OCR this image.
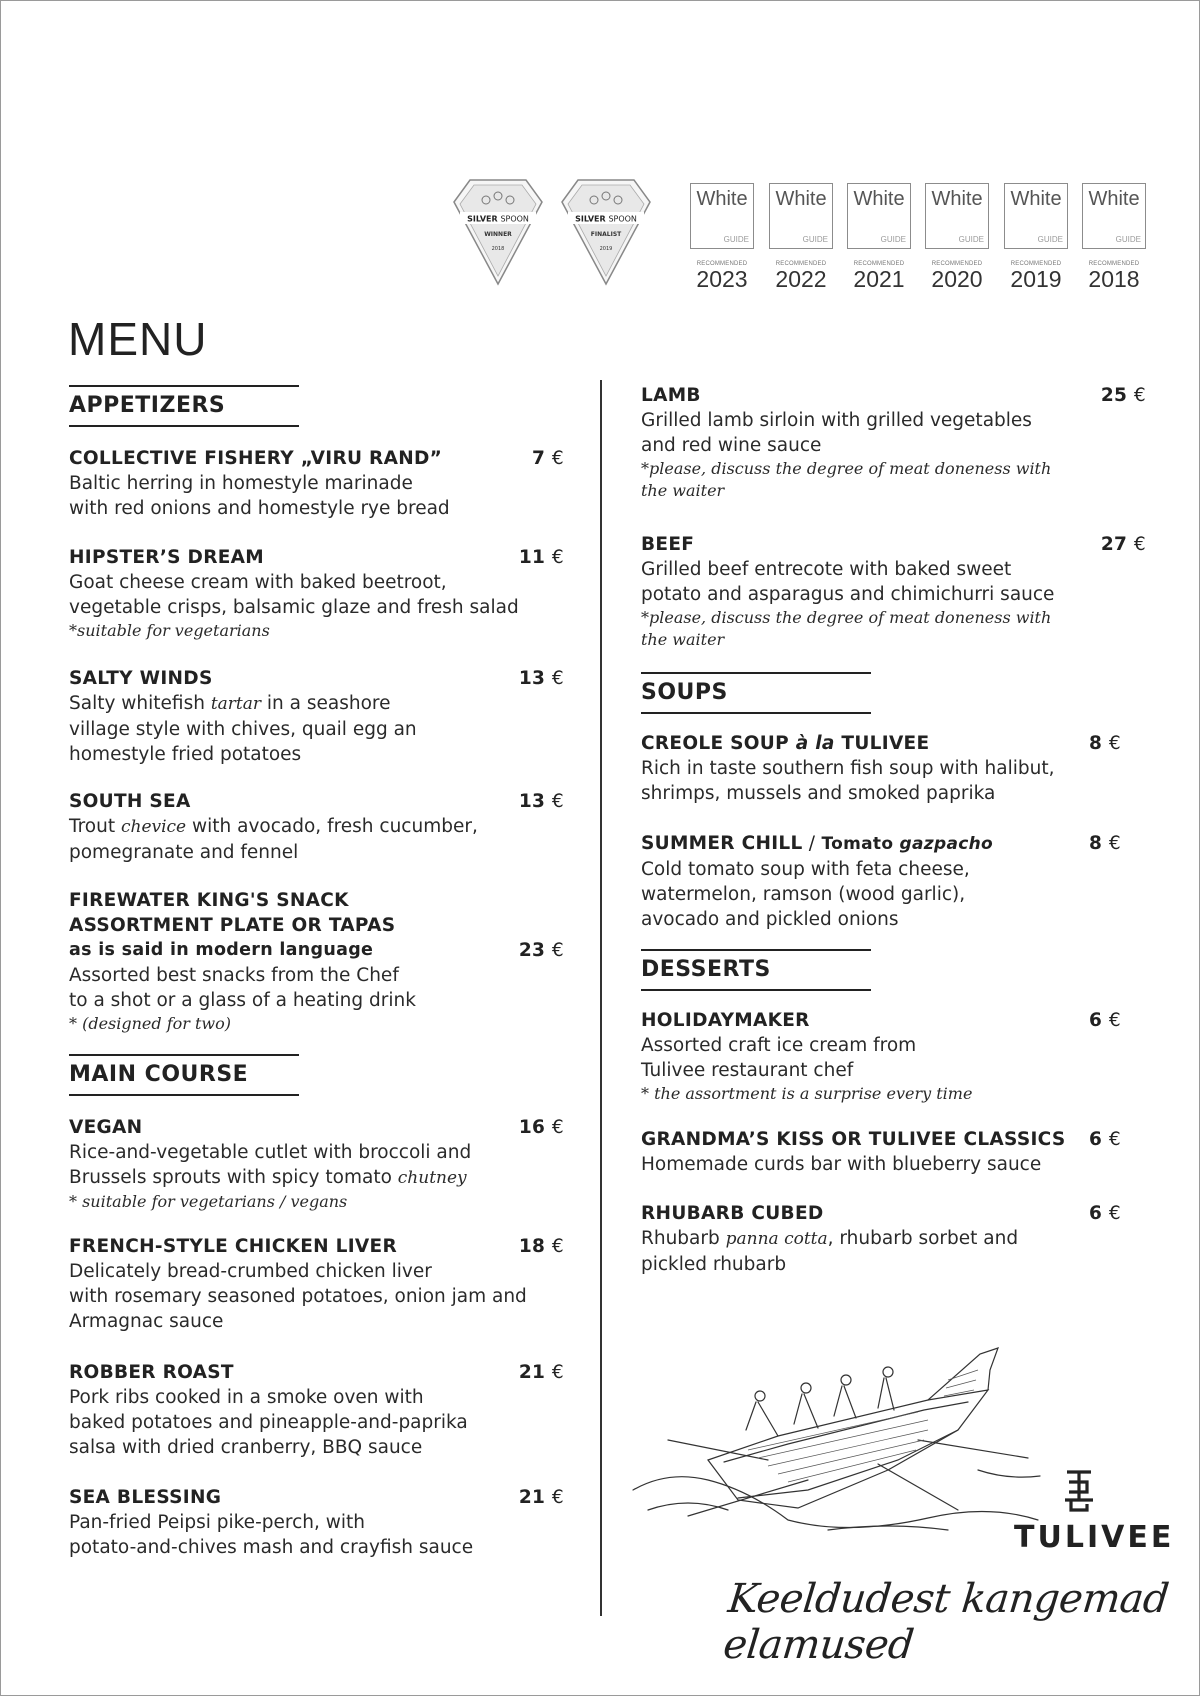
SILVER SPOON
WINNER
2018
SILVER SPOON
FINALIST
2019
White
GUIDE
RECOMMENDED
2023
White
GUIDE
RECOMMENDED
2022
White
GUIDE
RECOMMENDED
2021
White
GUIDE
RECOMMENDED
2020
White
GUIDE
RECOMMENDED
2019
White
GUIDE
RECOMMENDED
2018
MENU
APPETIZERS
COLLECTIVE FISHERY „VIRU RAND”	7 €
Baltic herring in homestyle marinade
with red onions and homestyle rye bread
HIPSTER’S DREAM	11 €
Goat cheese cream with baked beetroot,
vegetable crisps, balsamic glaze and fresh salad
*suitable for vegetarians
SALTY WINDS	13 €
Salty whitefish tartar in a seashore
village style with chives, quail egg an
homestyle fried potatoes
SOUTH SEA	13 €
Trout chevice with avocado, fresh cucumber,
pomegranate and fennel
FIREWATER KING'S SNACK
ASSORTMENT PLATE OR TAPAS
as is said in modern language	23 €
Assorted best snacks from the Chef
to a shot or a glass of a heating drink
* (designed for two)
MAIN COURSE
VEGAN	16 €
Rice-and-vegetable cutlet with broccoli and
Brussels sprouts with spicy tomato chutney
* suitable for vegetarians / vegans
FRENCH-STYLE CHICKEN LIVER	18 €
Delicately bread-crumbed chicken liver
with rosemary seasoned potatoes, onion jam and
Armagnac sauce
ROBBER ROAST	21 €
Pork ribs cooked in a smoke oven with
baked potatoes and pineapple-and-paprika
salsa with dried cranberry, BBQ sauce
SEA BLESSING	21 €
Pan-fried Peipsi pike-perch, with
potato-and-chives mash and crayfish sauce
LAMB	25 €
Grilled lamb sirloin with grilled vegetables
and red wine sauce
*please, discuss the degree of meat doneness with
the waiter
BEEF	27 €
Grilled beef entrecote with baked sweet
potato and asparagus and chimichurri sauce
*please, discuss the degree of meat doneness with
the waiter
SOUPS
CREOLE SOUP à la TULIVEE	8 €
Rich in taste southern fish soup with halibut,
shrimps, mussels and smoked paprika
SUMMER CHILL / Tomato gazpacho	8 €
Cold tomato soup with feta cheese,
watermelon, ramson (wood garlic),
avocado and pickled onions
DESSERTS
HOLIDAYMAKER	6 €
Assorted craft ice cream from
Tulivee restaurant chef
* the assortment is a surprise every time
GRANDMA’S KISS OR TULIVEE CLASSICS	6 €
Homemade curds bar with blueberry sauce
RHUBARB CUBED	6 €
Rhubarb panna cotta, rhubarb sorbet and
pickled rhubarb
TULIVEE
Keeldudest kangemad elamused
